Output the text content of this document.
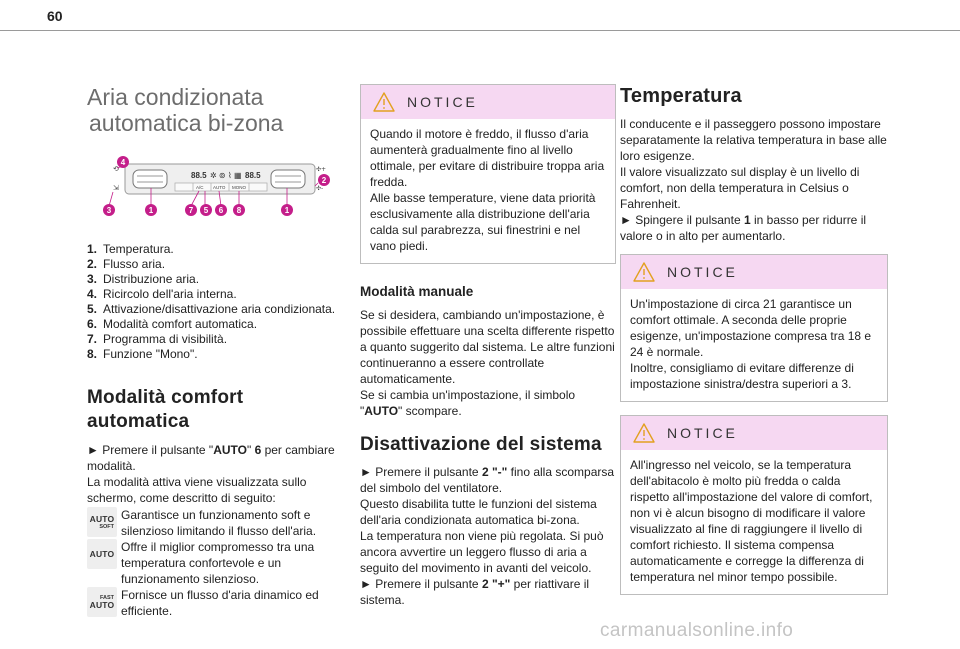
60
Aria condizionata
automatica bi-zona
88.5 ✲ ⊚ ⌇ ▦ 88.5
A/C AUTO MONO
⟲
⇲
✣+
✣-
4
2
3	1	7 5 6 8	1
1. Temperatura.
2. Flusso aria.
3. Distribuzione aria.
4. Ricircolo dell'aria interna.
5. Attivazione/disattivazione aria condizionata.
6. Modalità comfort automatica.
7. Programma di visibilità.
8. Funzione "Mono".
Modalità comfort automatica

► Premere il pulsante "AUTO" 6 per cambiare modalità.

La modalità attiva viene visualizzata sullo schermo, come descritto di seguito:

AUTO
SOFT

Garantisce un funzionamento soft e silenzioso limitando il flusso dell'aria.

AUTO Offre il miglior compromesso tra una temperatura confortevole e un funzionamento silenzioso.

FAST
AUTO

Fornisce un flusso d'aria dinamico ed efficiente.

NOTICE

Quando il motore è freddo, il flusso d'aria aumenterà gradualmente fino al livello ottimale, per evitare di distribuire troppa aria fredda.

Alle basse temperature, viene data priorità esclusivamente alla distribuzione dell'aria calda sul parabrezza, sui finestrini e nel vano piedi.

Modalità manuale

Se si desidera, cambiando un'impostazione, è possibile effettuare una scelta differente rispetto a quanto suggerito dal sistema. Le altre funzioni continueranno a essere controllate automaticamente.

Se si cambia un'impostazione, il simbolo "AUTO" scompare.

Disattivazione del sistema

► Premere il pulsante 2 "-" fino alla scomparsa del simbolo del ventilatore.

Questo disabilita tutte le funzioni del sistema dell'aria condizionata automatica bi-zona.

La temperatura non viene più regolata. Si può ancora avvertire un leggero flusso di aria a seguito del movimento in avanti del veicolo.

► Premere il pulsante 2 "+" per riattivare il sistema.

Temperatura

Il conducente e il passeggero possono impostare separatamente la relativa temperatura in base alle loro esigenze.

Il valore visualizzato sul display è un livello di comfort, non della temperatura in Celsius o Fahrenheit.

► Spingere il pulsante 1 in basso per ridurre il valore o in alto per aumentarlo.

NOTICE

Un'impostazione di circa 21 garantisce un comfort ottimale. A seconda delle proprie esigenze, un'impostazione compresa tra 18 e 24 è normale.

Inoltre, consigliamo di evitare differenze di impostazione sinistra/destra superiori a 3.

NOTICE

All'ingresso nel veicolo, se la temperatura dell'abitacolo è molto più fredda o calda rispetto all'impostazione del valore di comfort, non vi è alcun bisogno di modificare il valore visualizzato al fine di raggiungere il livello di comfort richiesto. Il sistema compensa automaticamente e corregge la differenza di temperatura nel minor tempo possibile.

carmanualsonline.info
